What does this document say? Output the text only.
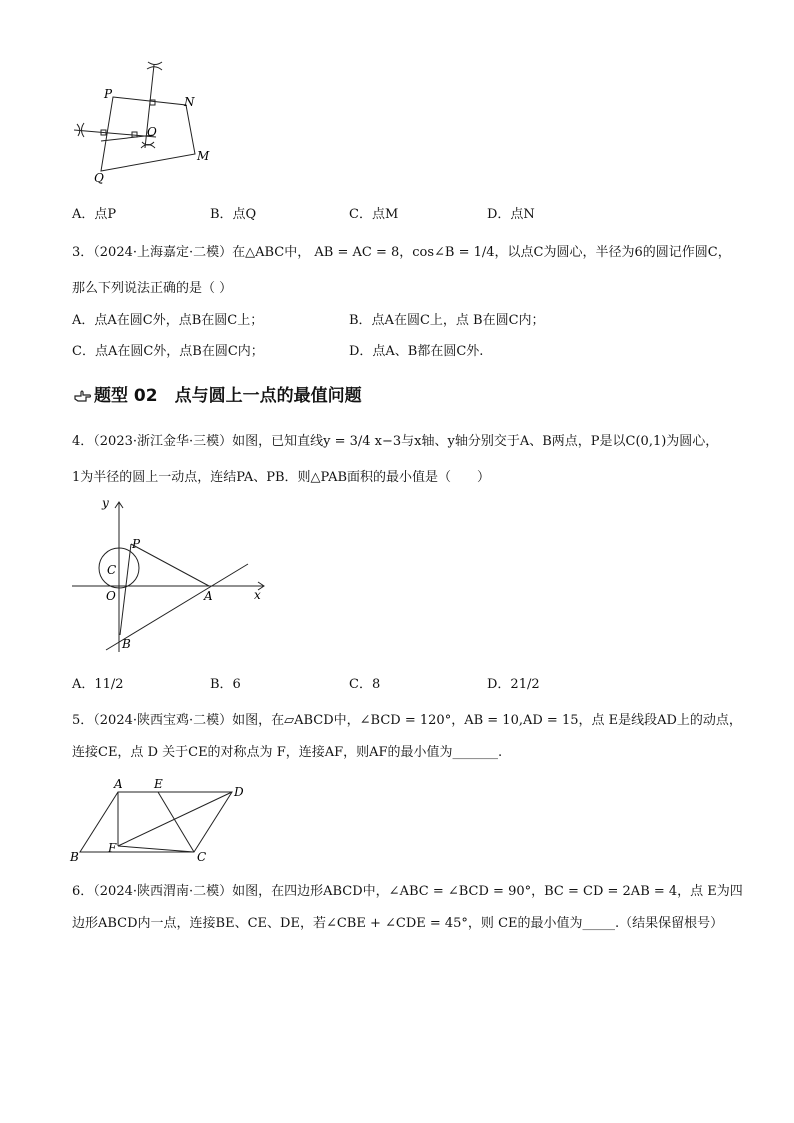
P
N
O
M
Q
A．点P	B．点Q	C．点M	D．点N
3．（2024·上海嘉定·二模）在△ABC中， AB = AC = 8，cos∠B = 1/4，以点C为圆心，半径为6的圆记作圆C，
那么下列说法正确的是（ ）
A．点A在圆C外，点B在圆C上；	B．点A在圆C上，点 B在圆C内；
C．点A在圆C外，点B在圆C内；	D．点A、B都在圆C外.
题型 02　点与圆上一点的最值问题
4．（2023·浙江金华·三模）如图，已知直线y = 3/4 x−3与x轴、y轴分别交于A、B两点，P是以C(0,1)为圆心，
1为半径的圆上一动点，连结PA、PB．则△PAB面积的最小值是（　　）
y
x
P
C
O	A
B
A．11/2	B．6	C．8	D．21/2
5．（2024·陕西宝鸡·二模）如图，在▱ABCD中，∠BCD = 120°，AB = 10,AD = 15，点 E是线段AD上的动点，
连接CE，点 D 关于CE的对称点为 F，连接AF，则AF的最小值为_______.
A	E
D
F
B	C
6．（2024·陕西渭南·二模）如图，在四边形ABCD中，∠ABC = ∠BCD = 90°，BC = CD = 2AB = 4，点 E为四
边形ABCD内一点，连接BE、CE、DE，若∠CBE + ∠CDE = 45°，则 CE的最小值为_____.（结果保留根号）
